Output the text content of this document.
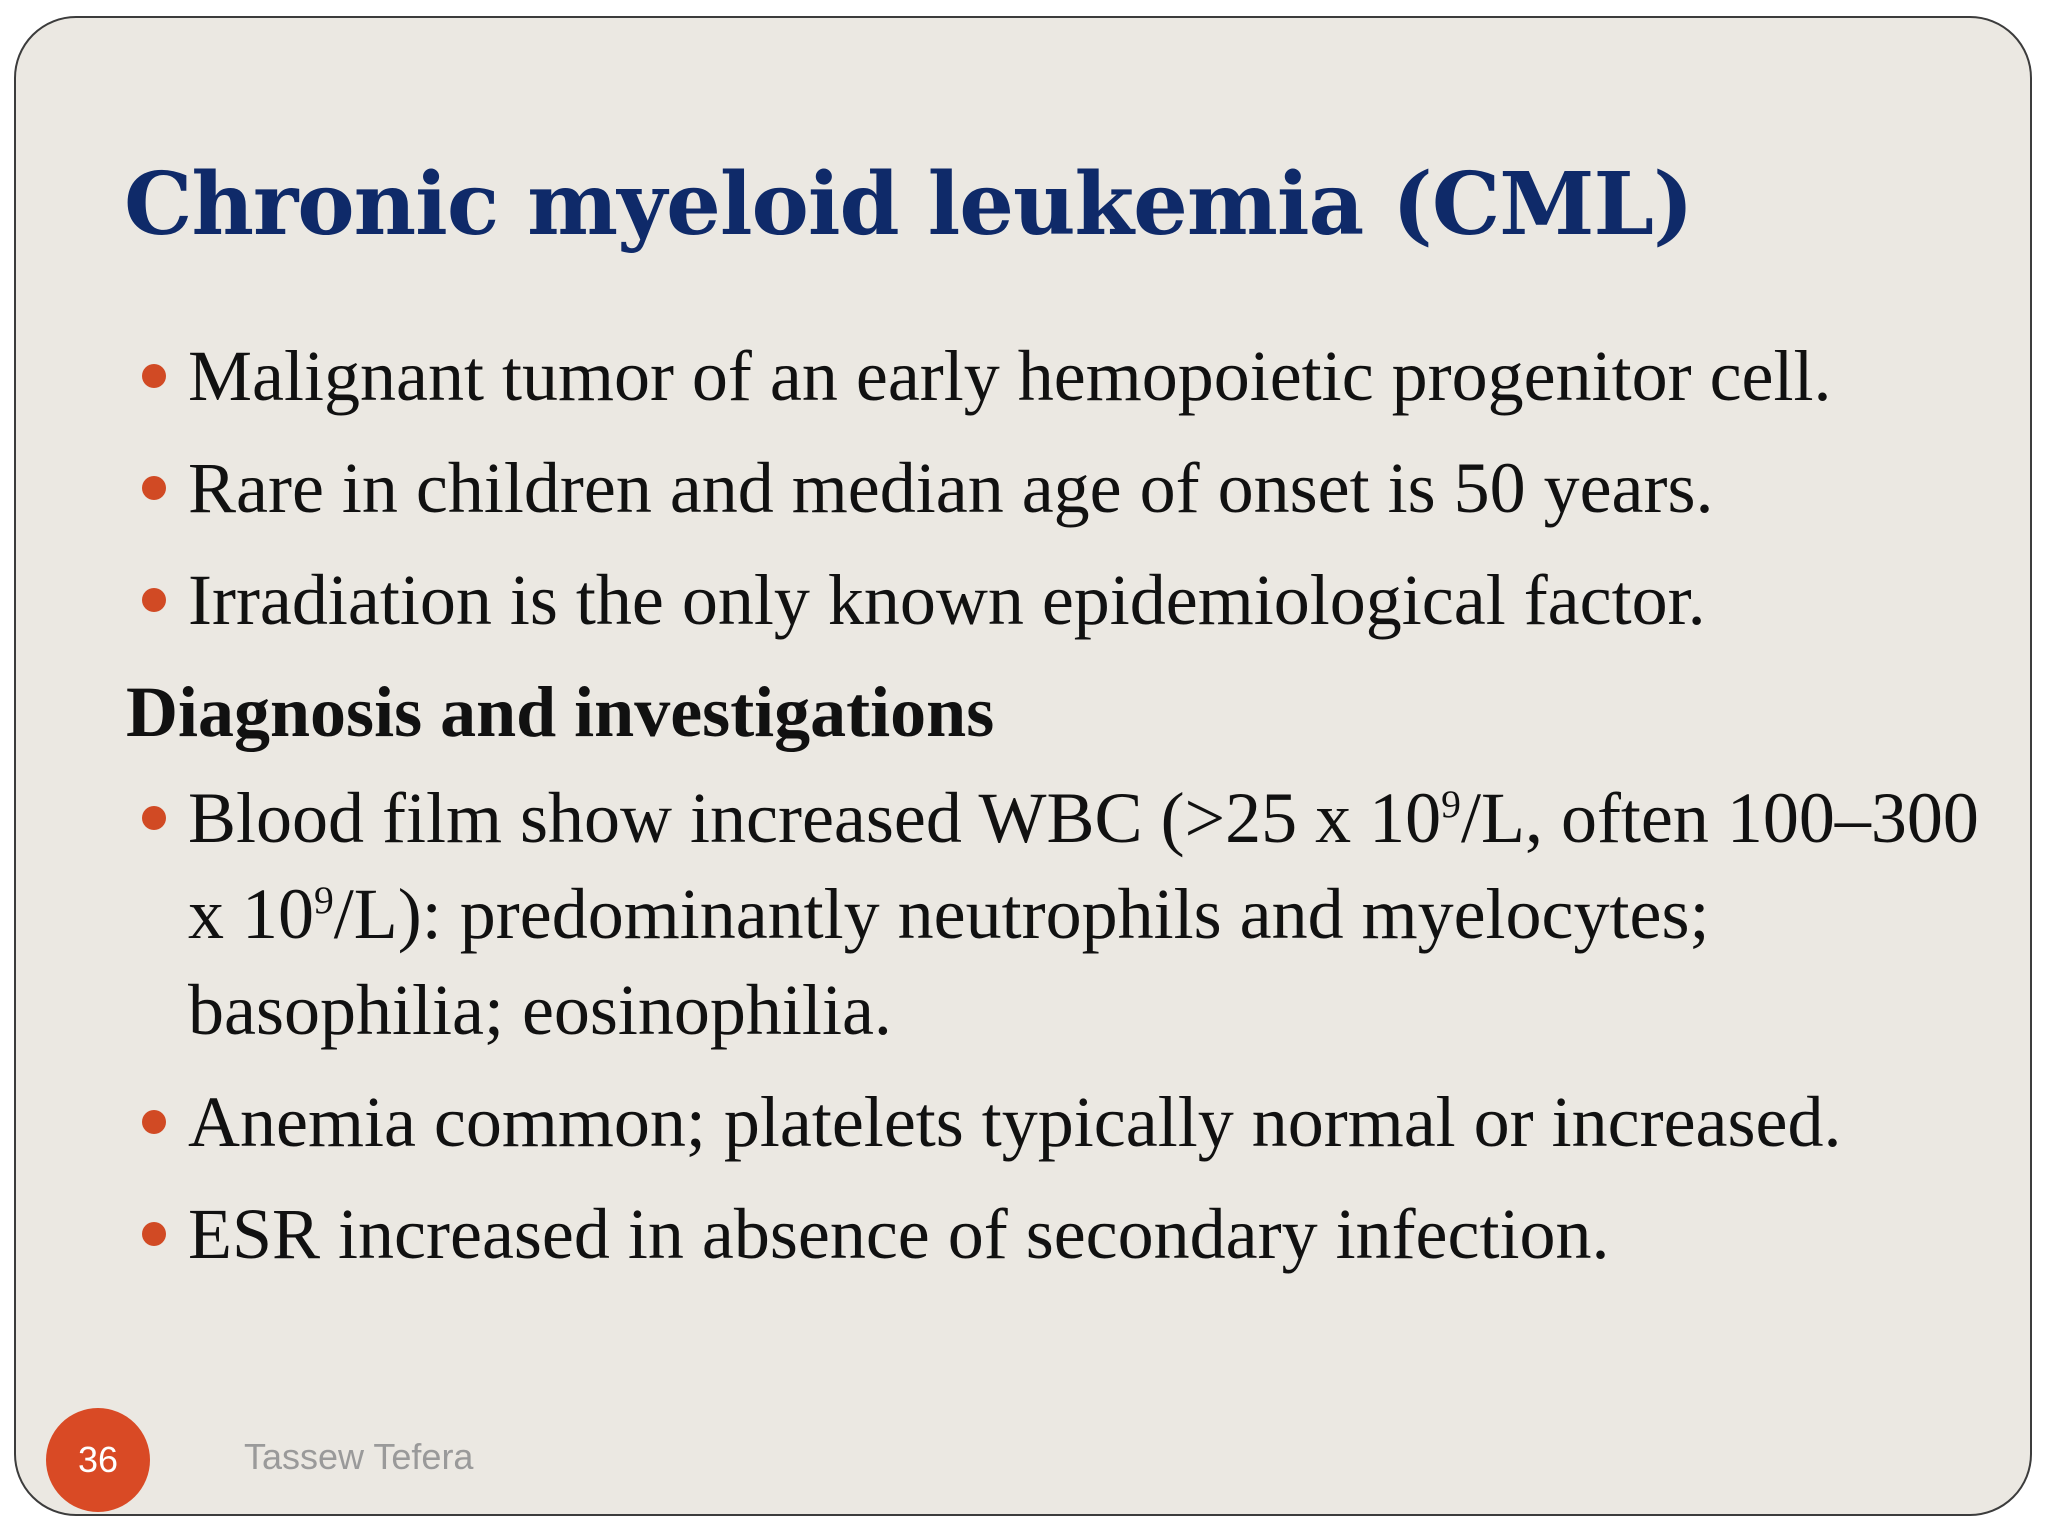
Chronic myeloid leukemia (CML)
Malignant tumor of an early hemopoietic progenitor cell.
Rare in children and median age of onset is 50 years.
Irradiation is the only known epidemiological factor.
Diagnosis and investigations
Blood film show increased WBC (>25 x $10^9/L$, often 100–300 x $10^9/L$): predominantly neutrophils and myelocytes; basophilia; eosinophilia.
Anemia common; platelets typically normal or increased.
ESR increased in absence of secondary infection.
36	Tassew Tefera
